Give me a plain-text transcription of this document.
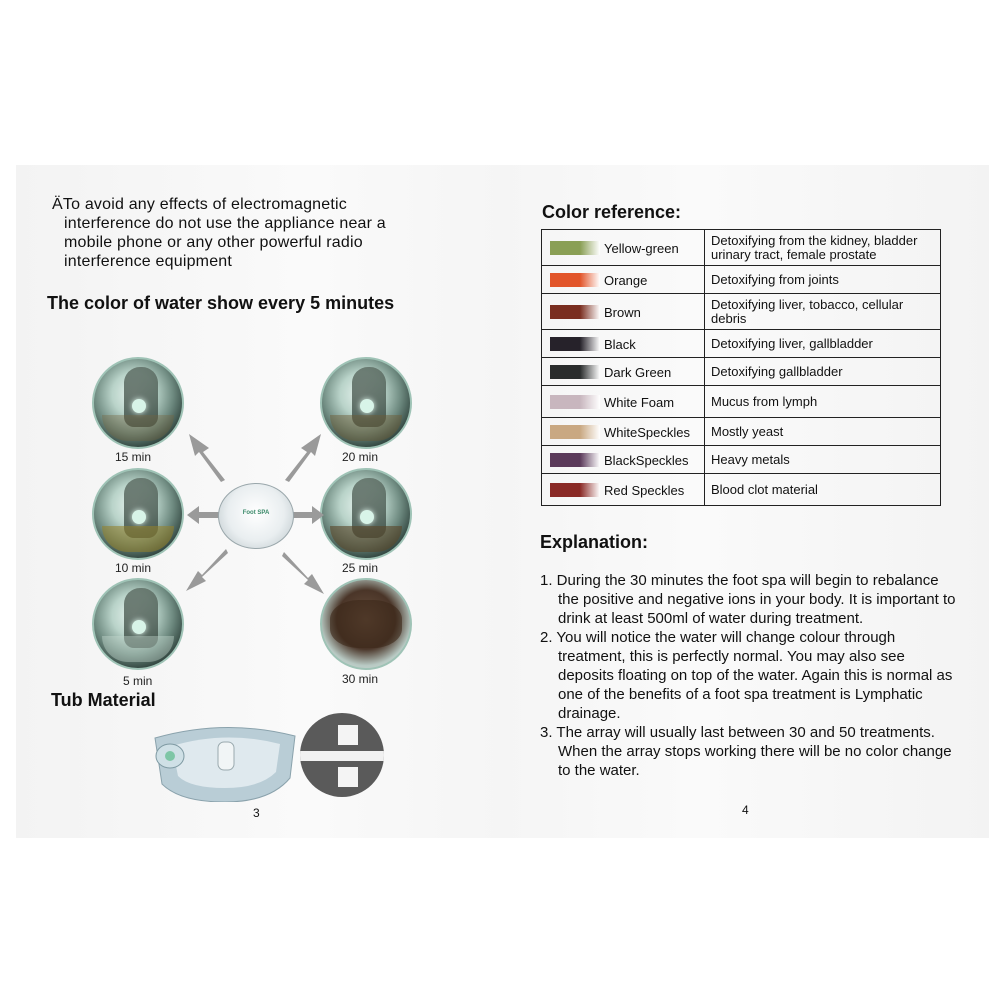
ÄTo avoid any effects of electromagnetic
interference do not use the appliance near a
mobile phone or any other powerful radio
interference equipment
The color of water show every 5 minutes
15 min	20 min
10 min	25 min
5 min	30 min
Foot SPA
Tub Material
3
Color reference:
Yellow-green	Detoxifying from the kidney, bladder urinary tract, female prostate
Orange	Detoxifying from joints
Brown	Detoxifying liver, tobacco, cellular debris
Black	Detoxifying liver, gallbladder
Dark Green	Detoxifying gallbladder
White Foam	Mucus from lymph
WhiteSpeckles	Mostly yeast
BlackSpeckles	Heavy metals
Red Speckles	Blood clot material
Explanation:
1. During the 30 minutes the foot spa will begin to rebalance the positive and negative ions in your body. It is important to drink at least 500ml of water during treatment.
2. You will notice the water will change colour through treatment, this is perfectly normal. You may also see deposits floating on top of the water. Again this is normal as one of the benefits of a foot spa treatment is Lymphatic drainage.
3. The array will usually last between 30 and 50 treatments. When the array stops working there will be no color change to the water.
4
